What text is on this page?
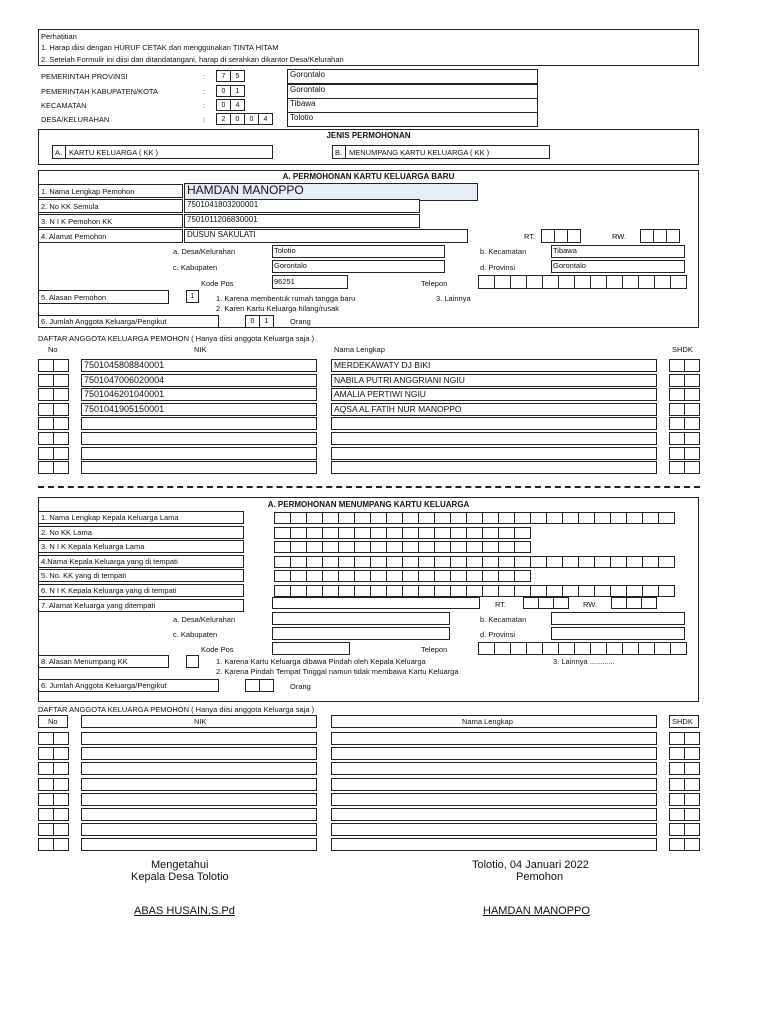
Perhatitian
1. Harap diisi dengan HURUF CETAK dan menggunakan TINTA HITAM
2. Setelah Formulir ini diisi dan ditandatangani, harap di serahkan dikantor Desa/Kelurahan
PEMERINTAH PROVINSI	:	7	5	Gorontalo
PEMERINTAH KABUPATEN/KOTA	:	0	1	Gorontalo
KECAMATAN	:	0	4	Tibawa
DESA/KELURAHAN	:	2	0	0	4	Tolotio
JENIS PERMOHONAN
A. KARTU KELUARGA ( KK )	B. MENUMPANG KARTU KELUARGA ( KK )
A. PERMOHONAN KARTU KELUARGA BARU
1. Nama Lengkap Pemohon	HAMDAN MANOPPO
2. No KK Semula	7501041803200001
3. N I K Pemohon KK	7501011206830001
4. Alamat Pemohon	DUSUN SAKULATI	RT.	RW.
a. Desa/Kelurahan	Tolotio	b. Kecamatan	Tibawa
c. Kabupaten	Gorontalo	d. Provinsi	Gorontalo
Kode Pos	96251	Telepon
5. Alasan Pemohon	1	1. Karena membentuk rumah tangga baru
2. Karen Kartu Keluarga hilang/rusak
3. Lainnya
6. Jumlah Anggota Keluarga/Pengikut	0	1	Orang
DAFTAR ANGGOTA KELUARGA PEMOHON ( Hanya diisi anggota Keluarga saja )
No	NIK	Nama Lengkap	SHDK
7501045808840001	MERDEKAWATY DJ BIKI
7501047006020004	NABILA PUTRI ANGGRIANI NGIU
7501046201040001	AMALIA PERTIWI NGIU
7501041905150001	AQSA AL FATIH NUR MANOPPO
A. PERMOHONAN MENUMPANG KARTU KELUARGA
1. Nama Lengkap Kepala Keluarga Lama
2. No KK Lama
3. N I K Kepala Keluarga Lama
4.Nama Kepala Keluarga yang di tempati
5. No. KK yang di tempati
6. N I K Kepala Keluarga yang di tempati
7. Alamat Keluarga yang ditempati	RT.	RW.
a. Desa/Kelurahan	b. Kecamatan
c. Kabupaten	d. Provinsi
Kode Pos	Telepon
8. Alasan Menumpang KK	1. Karena Kartu Keluarga dibawa Pindah oleh Kepala Keluarga
2. Karena Pindah Tempat Tinggal namun tidak membawa Kartu Keluarga
3. Lainnya ............
6. Jumlah Anggota Keluarga/Pengikut	Orang
DAFTAR ANGGOTA KELUARGA PEMOHON ( Hanya diisi anggota Keluarga saja )
No	NIK	Nama Lengkap	SHDK
Mengetahui
Kepala Desa Tolotio
ABAS HUSAIN,S.Pd
Tolotio, 04 Januari 2022
Pemohon
HAMDAN MANOPPO
